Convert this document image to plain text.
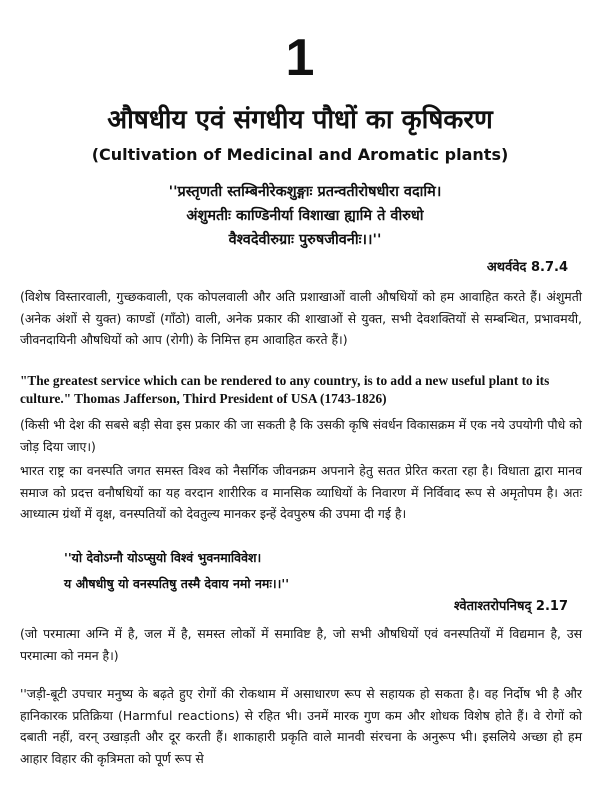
1
औषधीय एवं संगधीय पौधों का कृषिकरण
(Cultivation of Medicinal and Aromatic plants)
''प्रस्तृणती स्तम्बिनीरेकशुङ्गाः प्रतन्वतीरोषधीरा वदामि।
अंशुमतीः काण्डिनीर्या विशाखा ह्यामि ते वीरुधो
वैश्वदेवीरुग्राः पुरुषजीवनीः।।''
अथर्ववेद 8.7.4
(विशेष विस्तारवाली, गुच्छकवाली, एक कोपलवाली और अति प्रशाखाओं वाली औषधियों को हम आवाहित करते हैं। अंशुमती (अनेक अंशों से युक्त) काण्डों (गाँठो) वाली, अनेक प्रकार की शाखाओं से युक्त, सभी देवशक्तियों से सम्बन्धित, प्रभावमयी, जीवनदायिनी औषधियों को आप (रोगी) के निमित्त हम आवाहित करते हैं।)
"The greatest service which can be rendered to any country, is to add a new useful plant to its culture." Thomas Jafferson, Third President of USA (1743-1826)
(किसी भी देश की सबसे बड़ी सेवा इस प्रकार की जा सकती है कि उसकी कृषि संवर्धन विकासक्रम में एक नये उपयोगी पौधे को जोड़ दिया जाए।)
भारत राष्ट्र का वनस्पति जगत समस्त विश्व को नैसर्गिक जीवनक्रम अपनाने हेतु सतत प्रेरित करता रहा है। विधाता द्वारा मानव समाज को प्रदत्त वनौषधियों का यह वरदान शारीरिक व मानसिक व्याधियों के निवारण में निर्विवाद रूप से अमृतोपम है। अतः आध्यात्म ग्रंथों में वृक्ष, वनस्पतियों को देवतुल्य मानकर इन्हें देवपुरुष की उपमा दी गई है।
''यो देवोऽग्नौ योऽप्सुयो विश्वं भुवनमाविवेश।
य औषधीषु यो वनस्पतिषु तस्मै देवाय नमो नमः।।''
श्वेताश्तरोपनिषद् 2.17
(जो परमात्मा अग्नि में है, जल में है, समस्त लोकों में समाविष्ट है, जो सभी औषधियों एवं वनस्पतियों में विद्यमान है, उस परमात्मा को नमन है।)
''जड़ी-बूटी उपचार मनुष्य के बढ़ते हुए रोगों की रोकथाम में असाधारण रूप से सहायक हो सकता है। वह निर्दोष भी है और हानिकारक प्रतिक्रिया (Harmful reactions) से रहित भी। उनमें मारक गुण कम और शोधक विशेष होते हैं। वे रोगों को दबाती नहीं, वरन् उखाड़ती और दूर करती हैं। शाकाहारी प्रकृति वाले मानवी संरचना के अनुरूप भी। इसलिये अच्छा हो हम आहार विहार की कृत्रिमता को पूर्ण रूप से
